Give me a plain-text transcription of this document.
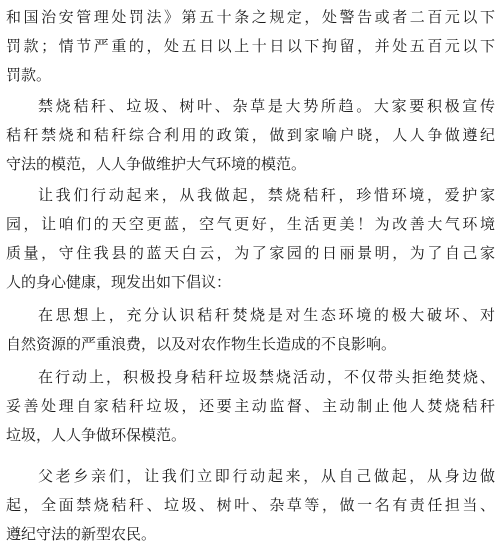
和国治安管理处罚法》第五十条之规定，处警告或者二百元以下
罚款；情节严重的，处五日以上十日以下拘留，并处五百元以下
罚款。
禁烧秸秆、垃圾、树叶、杂草是大势所趋。大家要积极宣传
秸秆禁烧和秸秆综合利用的政策，做到家喻户晓，人人争做遵纪
守法的模范，人人争做维护大气环境的模范。
让我们行动起来，从我做起，禁烧秸秆，珍惜环境，爱护家
园，让咱们的天空更蓝，空气更好，生活更美！为改善大气环境
质量，守住我县的蓝天白云，为了家园的日丽景明，为了自己家
人的身心健康，现发出如下倡议：
在思想上，充分认识秸秆焚烧是对生态环境的极大破坏、对
自然资源的严重浪费，以及对农作物生长造成的不良影响。
在行动上，积极投身秸秆垃圾禁烧活动，不仅带头拒绝焚烧、
妥善处理自家秸秆垃圾，还要主动监督、主动制止他人焚烧秸秆
垃圾，人人争做环保模范。
父老乡亲们，让我们立即行动起来，从自己做起，从身边做
起，全面禁烧秸秆、垃圾、树叶、杂草等，做一名有责任担当、
遵纪守法的新型农民。
